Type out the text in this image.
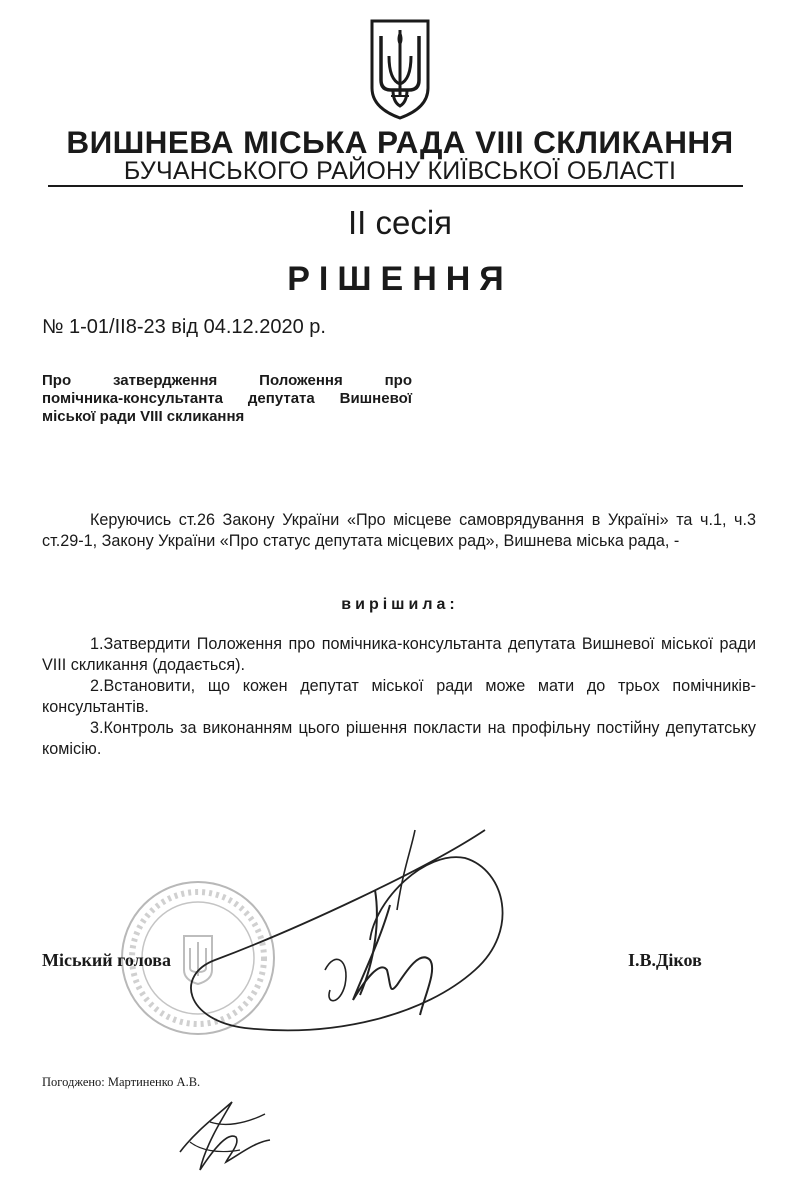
ВИШНЕВА МІСЬКА РАДА VIII СКЛИКАННЯ
БУЧАНСЬКОГО РАЙОНУ КИЇВСЬКОЇ ОБЛАСТІ
ІІ сесія
РІШЕННЯ
№ 1-01/II8-23 від 04.12.2020 р.
Про затвердження Положення про
помічника-консультанта депутата Вишневої
міської ради VIII скликання
Керуючись ст.26 Закону України «Про місцеве самоврядування в Україні» та ч.1, ч.3 ст.29-1, Закону України «Про статус депутата місцевих рад», Вишнева міська рада, -
вирішила:

1.Затвердити Положення про помічника-консультанта депутата Вишневої міської ради VIII скликання (додається).

2.Встановити, що кожен депутат міської ради може мати до трьох помічників-консультантів.

3.Контроль за виконанням цього рішення покласти на профільну постійну депутатську комісію.

Міський голова	І.В.Діков
Погоджено: Мартиненко А.В.
